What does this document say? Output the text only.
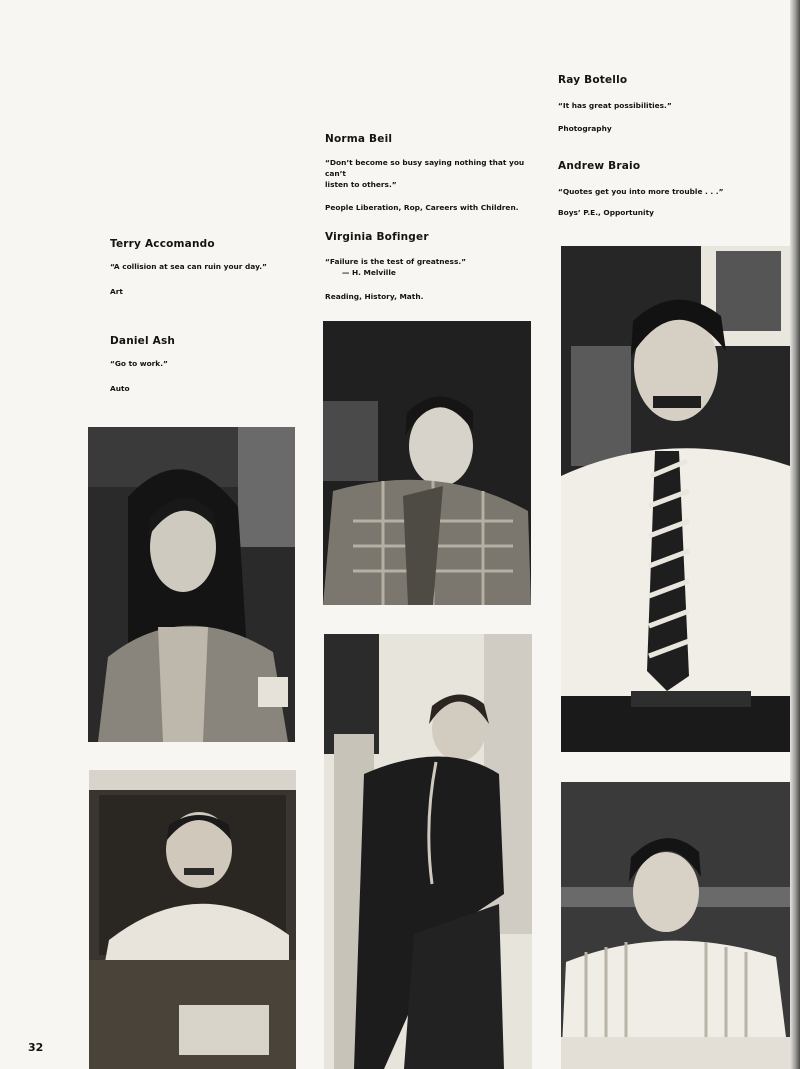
Terry Accomando

“A collision at sea can ruin your day.”

Art

Daniel Ash

“Go to work.”

Auto

Norma Beil

“Don’t become so busy saying nothing that you can’t
listen to others.”

People Liberation, Rop, Careers with Children.

Virginia Bofinger

“Failure is the test of greatness.”

— H. Melville

Reading, History, Math.

Ray Botello

“It has great possibilities.”

Photography

Andrew Braio

“Quotes get you into more trouble . . .”

Boys’ P.E., Opportunity

32
